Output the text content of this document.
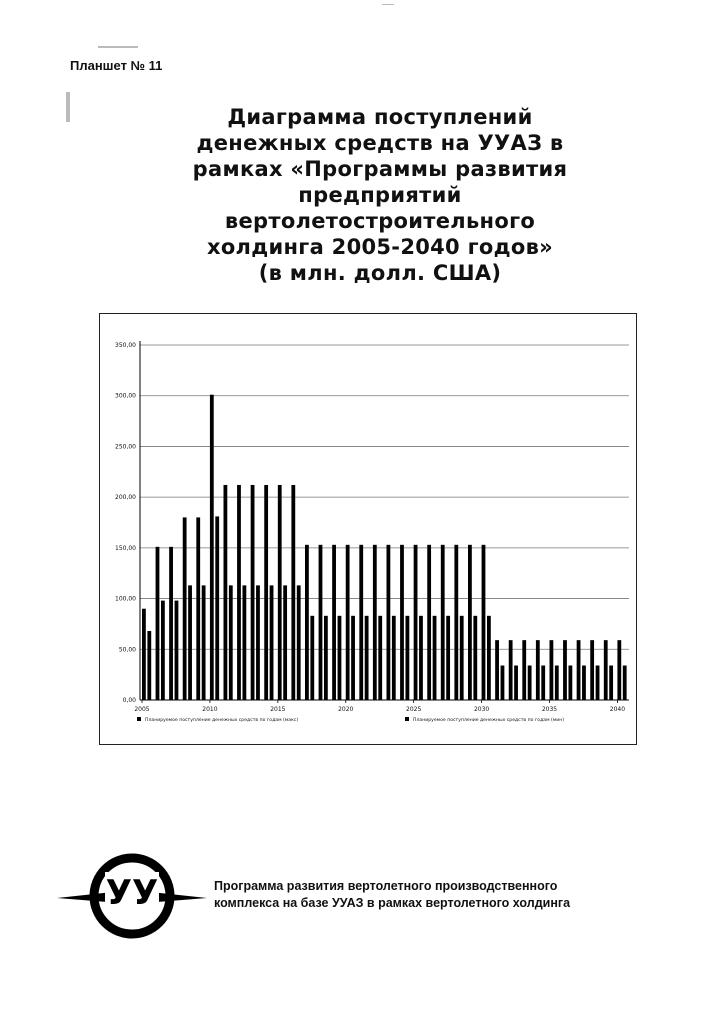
Планшет № 11
Диаграмма поступлений
денежных средств на УУАЗ в
рамках «Программы развития
предприятий
вертолетостроительного
холдинга 2005-2040 годов»
(в млн. долл. США)
0,00
50,00
100,00
150,00
200,00
250,00
300,00
350,00
2005	2010	2015	2020	2025	2030	2035	2040
Планируемое поступление денежных средств по годам (макс)	Планируемое поступление денежных средств по годам (мин)
УУ	Программа развития вертолетного производственного
комплекса на базе УУАЗ в рамках вертолетного холдинга
